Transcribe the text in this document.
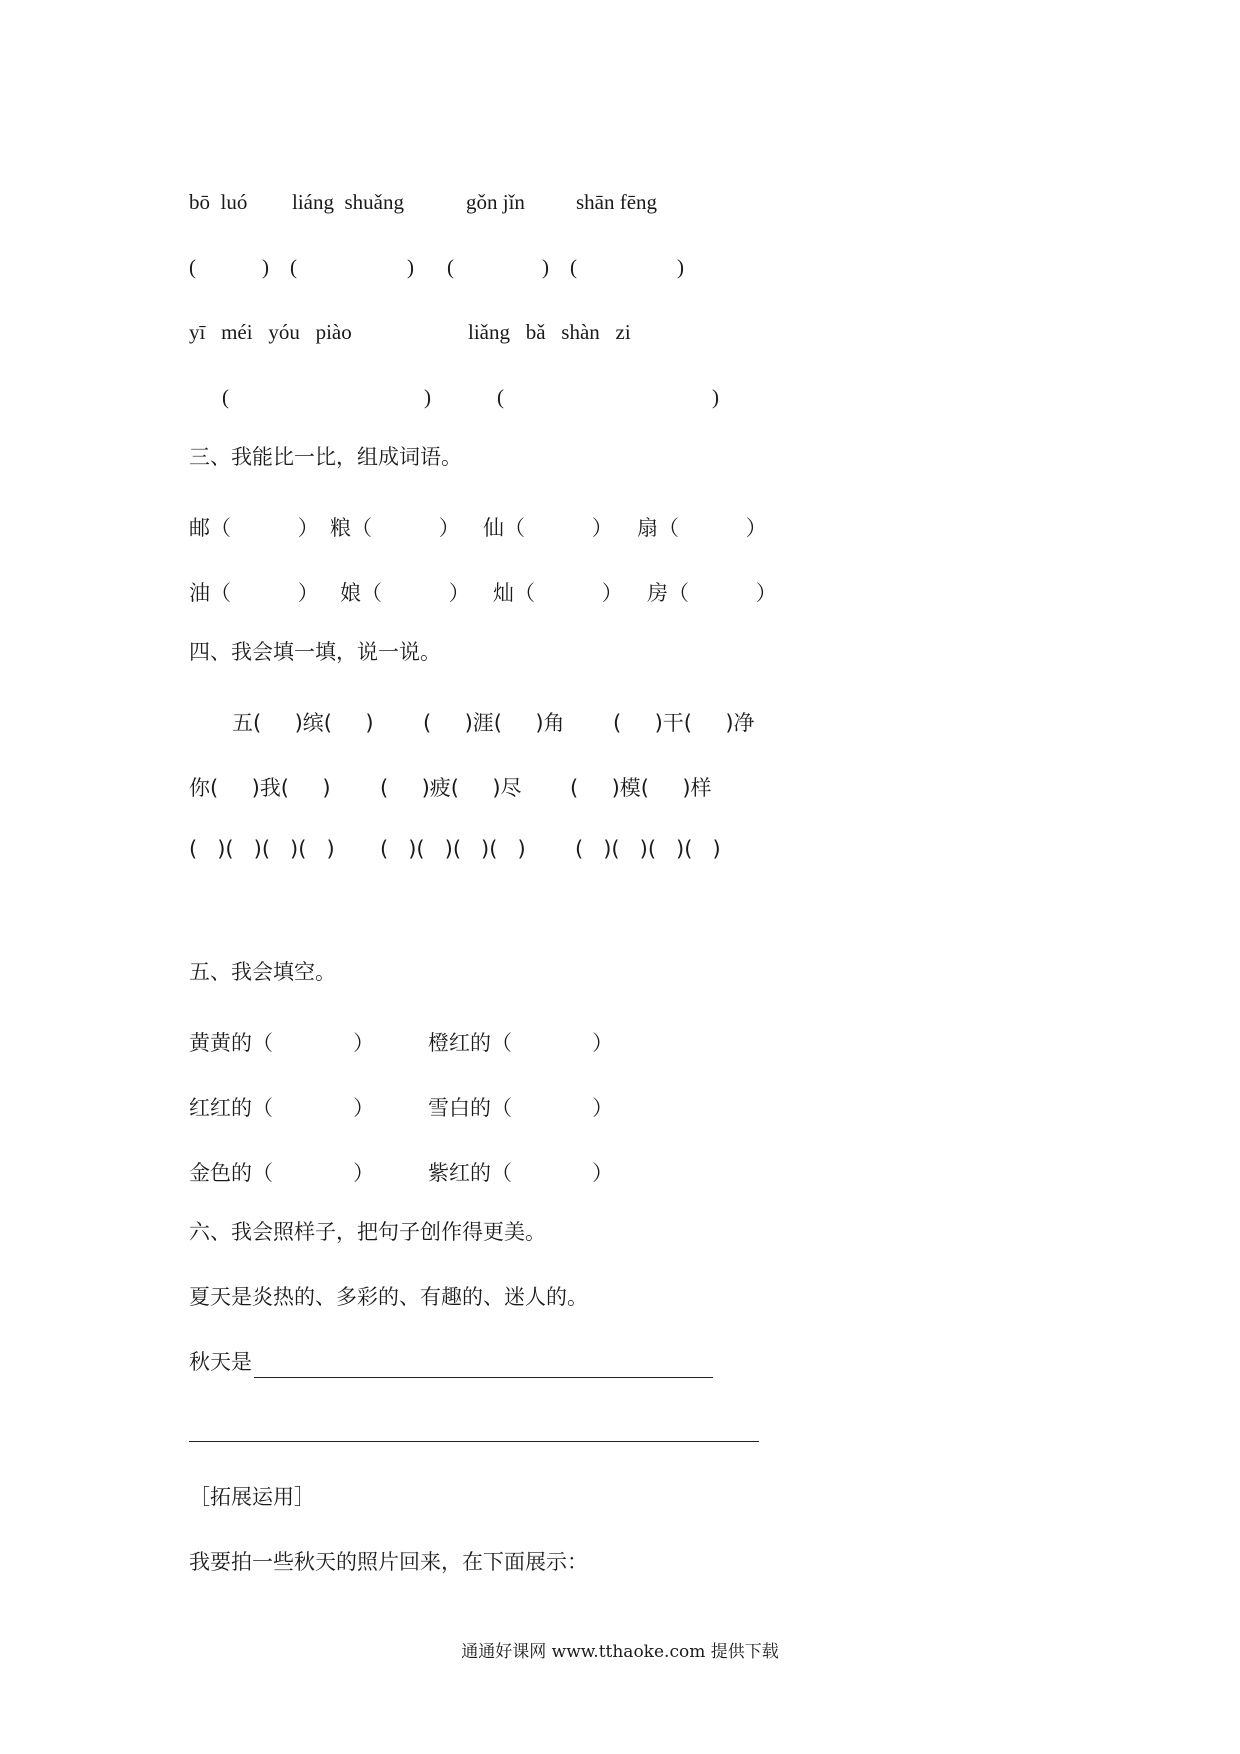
bō  luó liáng  shuǎng	gǒn jǐn shān fēng
(	) (	) (	) (	)
yī   méi   yóu   piào	liǎng   bǎ   shàn   zi
(	)	(	)
三、我能比一比，组成词语。
邮（          ） 粮（          ） 仙（          ） 扇（          ）
油（          ） 娘（          ） 灿（          ） 房（          ）
四、我会填一填，说一说。
五(     )缤(     ) (     )涯(     )角 (     )干(     )净
你(     )我(     ) (     )疲(     )尽 (     )模(     )样
(   )(   )(   )(   ) (   )(   )(   )(   ) (   )(   )(   )(   )
五、我会填空。
黄黄的（            ）	橙红的（            ）
红红的（            ）	雪白的（            ）
金色的（            ）	紫红的（            ）
六、我会照样子，把句子创作得更美。
夏天是炎热的、多彩的、有趣的、迷人的。
秋天是
［拓展运用］
我要拍一些秋天的照片回来，在下面展示：
通通好课网 www.tthaoke.com 提供下载
